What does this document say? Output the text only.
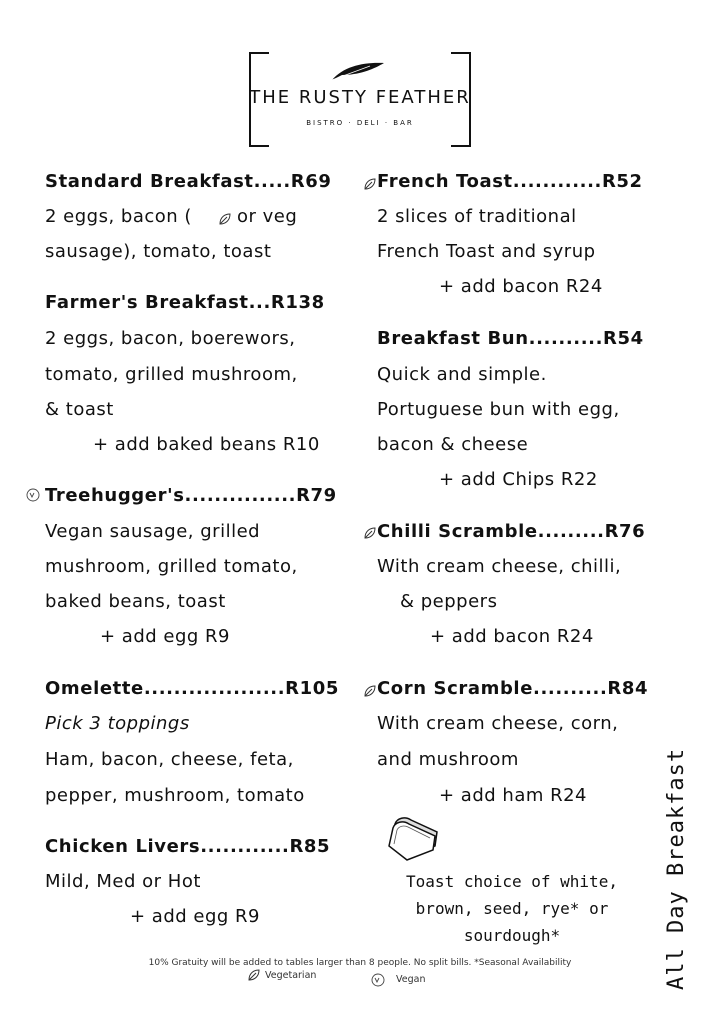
THE RUSTY FEATHER
BISTRO · DELI · BAR
Standard Breakfast.....R69
2 eggs, bacon (	or veg
sausage), tomato, toast
Farmer's Breakfast...R138
2 eggs, bacon, boerewors,
tomato, grilled mushroom,
& toast
+ add baked beans R10
Treehugger's...............R79
Vegan sausage, grilled
mushroom, grilled tomato,
baked beans, toast
+ add egg R9
Omelette...................R105
Pick 3 toppings
Ham, bacon, cheese, feta,
pepper, mushroom, tomato
Chicken Livers............R85
Mild, Med or Hot
+ add egg R9
French Toast............R52
2 slices of traditional
French Toast and syrup
+ add bacon R24
Breakfast Bun..........R54
Quick and simple.
Portuguese bun with egg,
bacon & cheese
+ add Chips R22
Chilli Scramble.........R76
With cream cheese, chilli,
& peppers
+ add bacon R24
Corn Scramble..........R84
With cream cheese, corn,
and mushroom
+ add ham R24
Toast choice of white,
brown, seed, rye* or
sourdough*	All Day Breakfast
10% Gratuity will be added to tables larger than 8 people. No split bills. *Seasonal Availability
Vegetarian	Vegan
